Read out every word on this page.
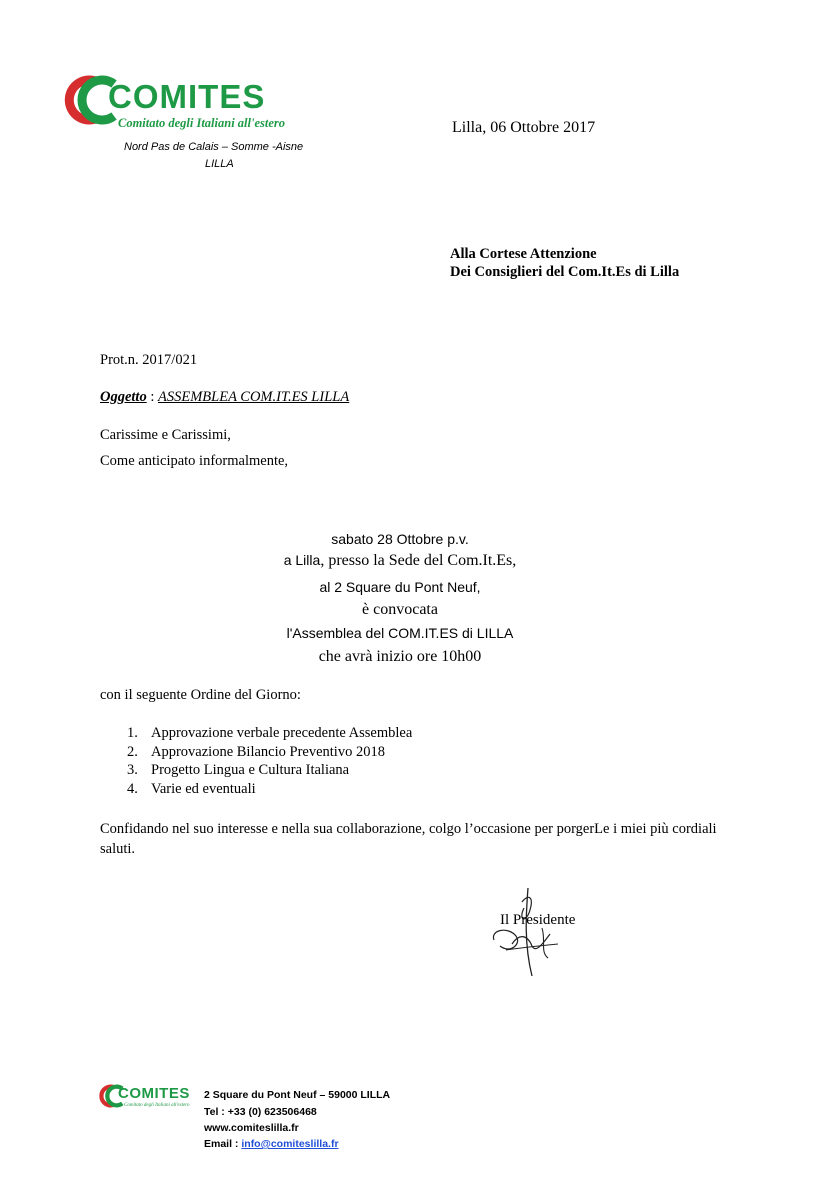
COMITES
Comitato degli Italiani all'estero
Nord Pas de Calais – Somme -Aisne
LILLA
Lilla, 06 Ottobre 2017
Alla Cortese Attenzione
Dei Consiglieri del Com.It.Es di Lilla
Prot.n. 2017/021
Oggetto : ASSEMBLEA COM.IT.ES LILLA
Carissime e Carissimi,
Come anticipato informalmente,
sabato 28 Ottobre p.v.
a Lilla, presso la Sede del Com.It.Es,
al 2 Square du Pont Neuf,
è convocata
l'Assemblea del COM.IT.ES di LILLA
che avrà inizio ore 10h00
con il seguente Ordine del Giorno:
1. Approvazione verbale precedente Assemblea
2. Approvazione Bilancio Preventivo 2018
3. Progetto Lingua e Cultura Italiana
4. Varie ed eventuali
Confidando nel suo interesse e nella sua collaborazione, colgo l’occasione per porgerLe i miei più cordiali saluti.
Il Presidente
COMITES
Comitato degli Italiani all'estero
2 Square du Pont Neuf – 59000 LILLA
Tel : +33 (0) 623506468
www.comiteslilla.fr
Email : info@comiteslilla.fr
